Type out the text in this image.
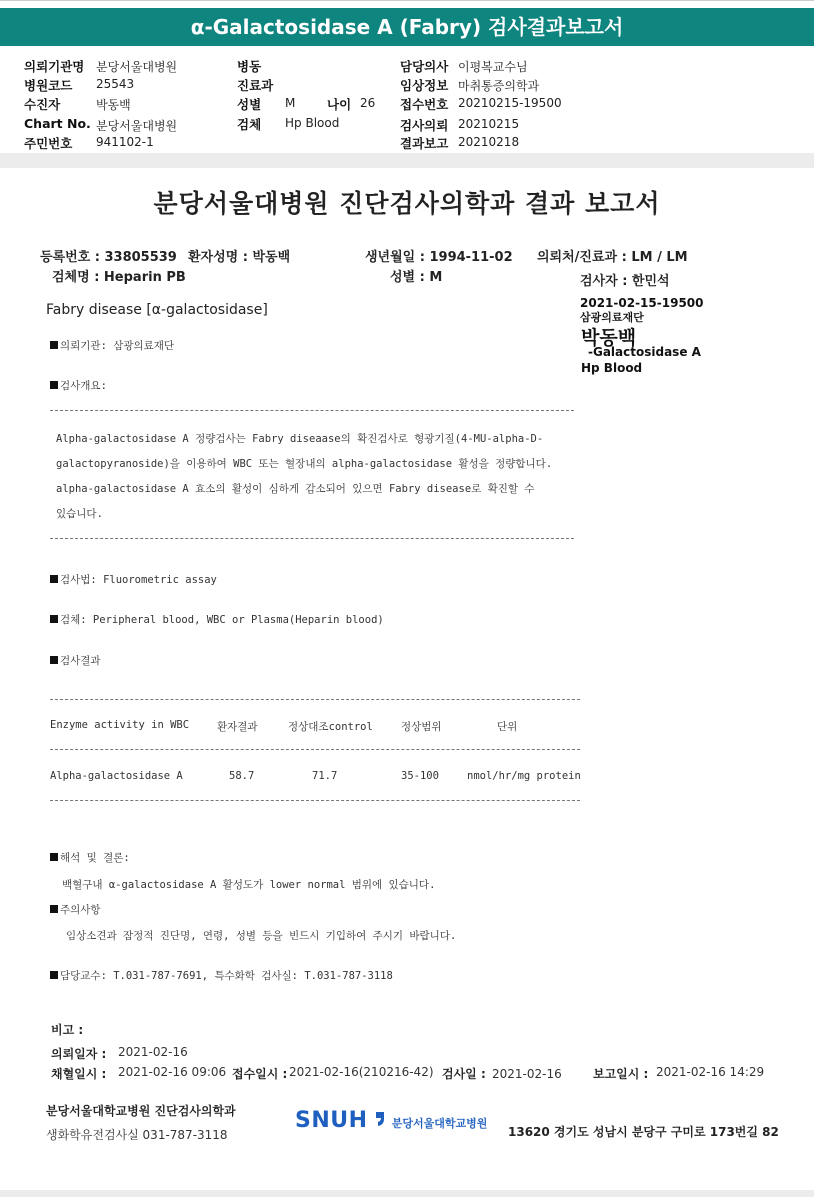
α-Galactosidase A (Fabry) 검사결과보고서
의뢰기관명 분당서울대병원
병원코드 25543
수진자	박동백
Chart No. 분당서울대병원
주민번호 941102-1
병동
진료과
성별 M	나이 26
검체 Hp Blood
담당의사 이평복교수님
임상정보 마취통증의학과
접수번호 20210215-19500
검사의뢰 20210215
결과보고 20210218
분당서울대병원 진단검사의학과 결과 보고서
등록번호 : 33805539 환자성명 : 박동백	생년월일 : 1994-11-02 의뢰처/진료과 : LM / LM
검체명 : Heparin PB	성별 : M	검사자 : 한민석
2021-02-15-19500
삼광의료재단
박동백
-Galactosidase A
Hp Blood
Fabry disease [α-galactosidase]
의뢰기관: 삼광의료재단
검사개요:
Alpha-galactosidase A 정량검사는 Fabry diseaase의 확진검사로 형광기질(4-MU-alpha-D-
galactopyranoside)을 이용하여 WBC 또는 혈장내의 alpha-galactosidase 활성을 정량합니다.
alpha-galactosidase A 효소의 활성이 심하게 감소되어 있으면 Fabry disease로 확진할 수
있습니다.
검사법: Fluorometric assay
검체: Peripheral blood, WBC or Plasma(Heparin blood)
검사결과
Enzyme activity in WBC	환자결과	정상대조control	정상범위	단위
Alpha-galactosidase A	58.7	71.7	35-100	nmol/hr/mg protein
해석 및 결론:
백혈구내 α-galactosidase A 활성도가 lower normal 범위에 있습니다.
주의사항
임상소견과 잠정적 진단명, 연령, 성별 등을 빈드시 기입하여 주시기 바랍니다.
담당교수: T.031-787-7691, 특수화학 검사실: T.031-787-3118
비고 :
의뢰일자 : 2021-02-16
채혈일시 : 2021-02-16 09:06 접수일시 : 2021-02-16(210216-42) 검사일 : 2021-02-16	보고일시 : 2021-02-16 14:29
분당서울대학교병원 진단검사의학과
생화학유전검사실 031-787-3118
SNUH 분당서울대학교병원
13620 경기도 성남시 분당구 구미로 173번길 82
